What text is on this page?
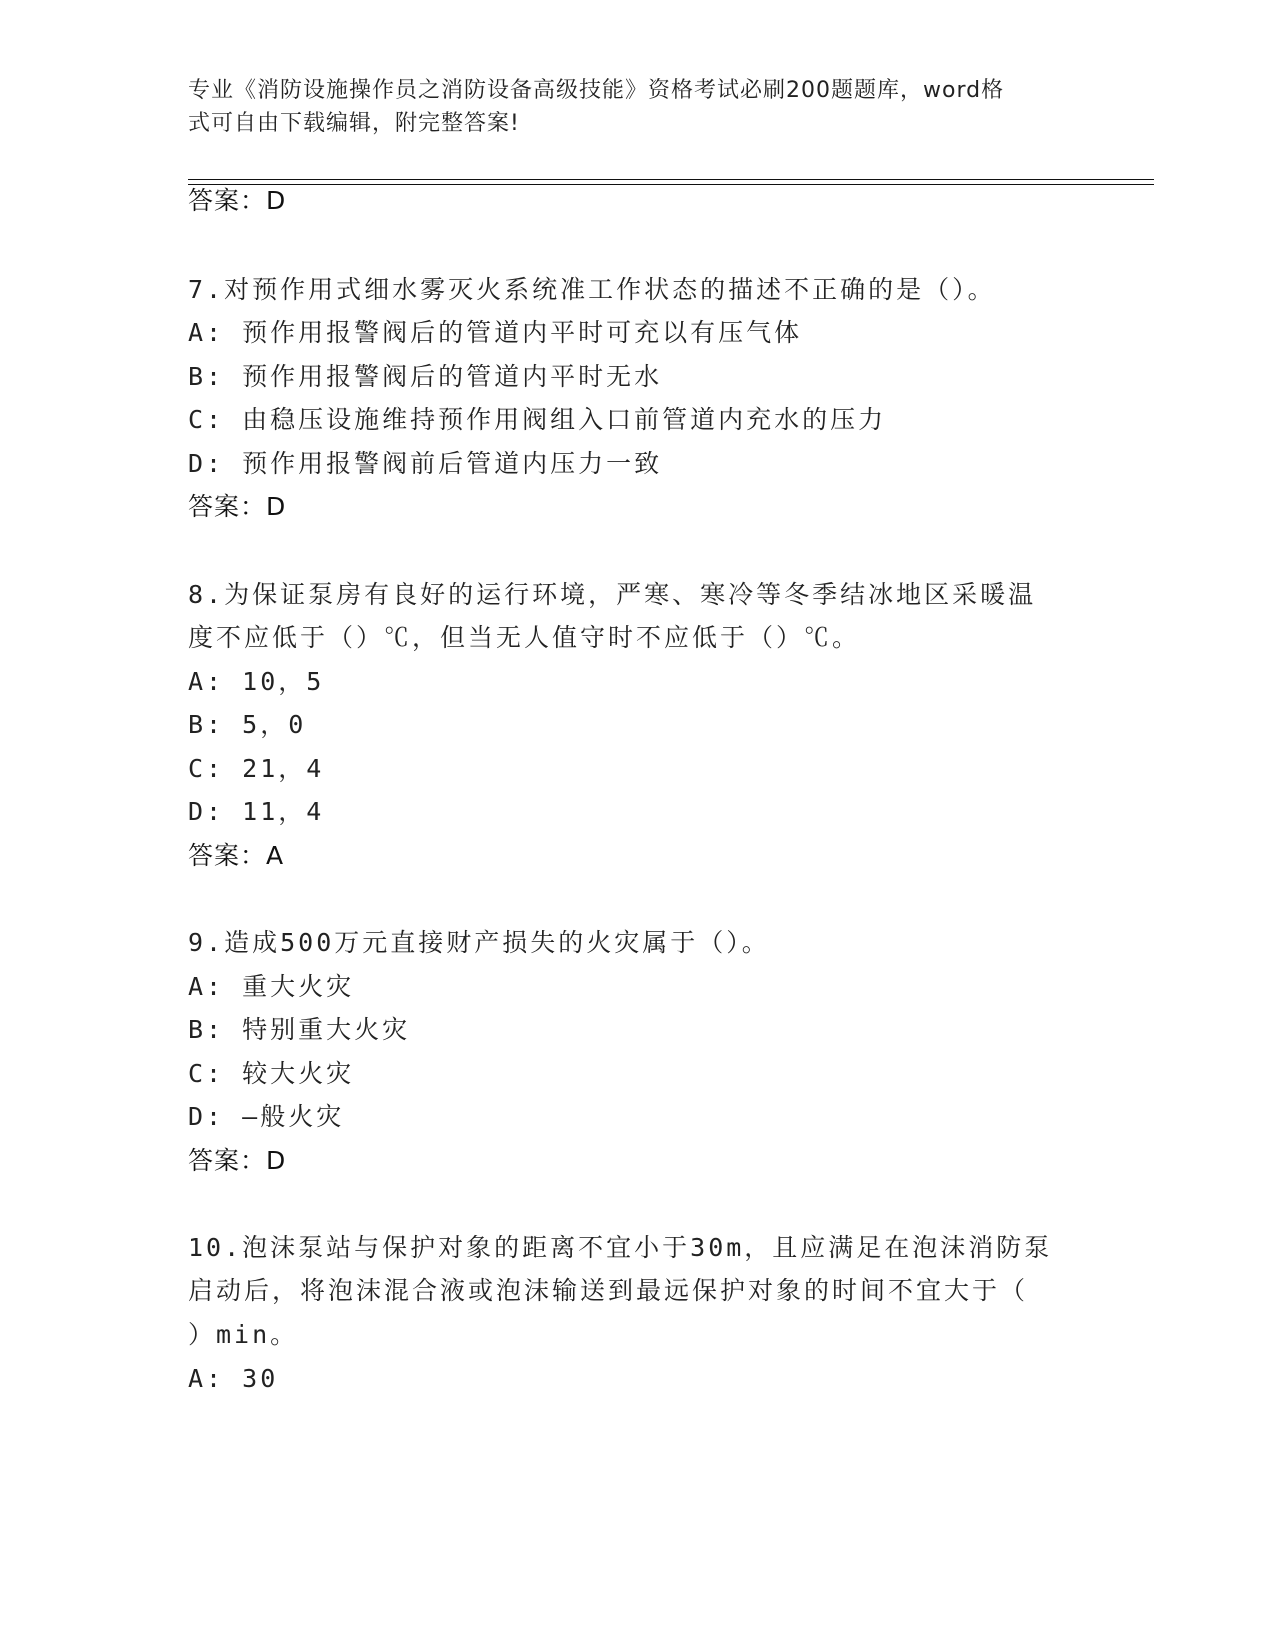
专业《消防设施操作员之消防设备高级技能》资格考试必刷200题题库，word格
式可自由下载编辑，附完整答案!
答案：D
7.对预作用式细水雾灭火系统准工作状态的描述不正确的是（）。
A: 预作用报警阀后的管道内平时可充以有压气体
B: 预作用报警阀后的管道内平时无水
C: 由稳压设施维持预作用阀组入口前管道内充水的压力
D: 预作用报警阀前后管道内压力一致
答案：D
8.为保证泵房有良好的运行环境，严寒、寒冷等冬季结冰地区采暖温
度不应低于（）℃，但当无人值守时不应低于（）℃。
A: 10，5
B: 5，0
C: 21，4
D: 11，4
答案：A
9.造成500万元直接财产损失的火灾属于（）。
A: 重大火灾
B: 特别重大火灾
C: 较大火灾
D: —般火灾
答案：D
10.泡沫泵站与保护对象的距离不宜小于30m，且应满足在泡沫消防泵
启动后，将泡沫混合液或泡沫输送到最远保护对象的时间不宜大于（
）min。
A: 30
